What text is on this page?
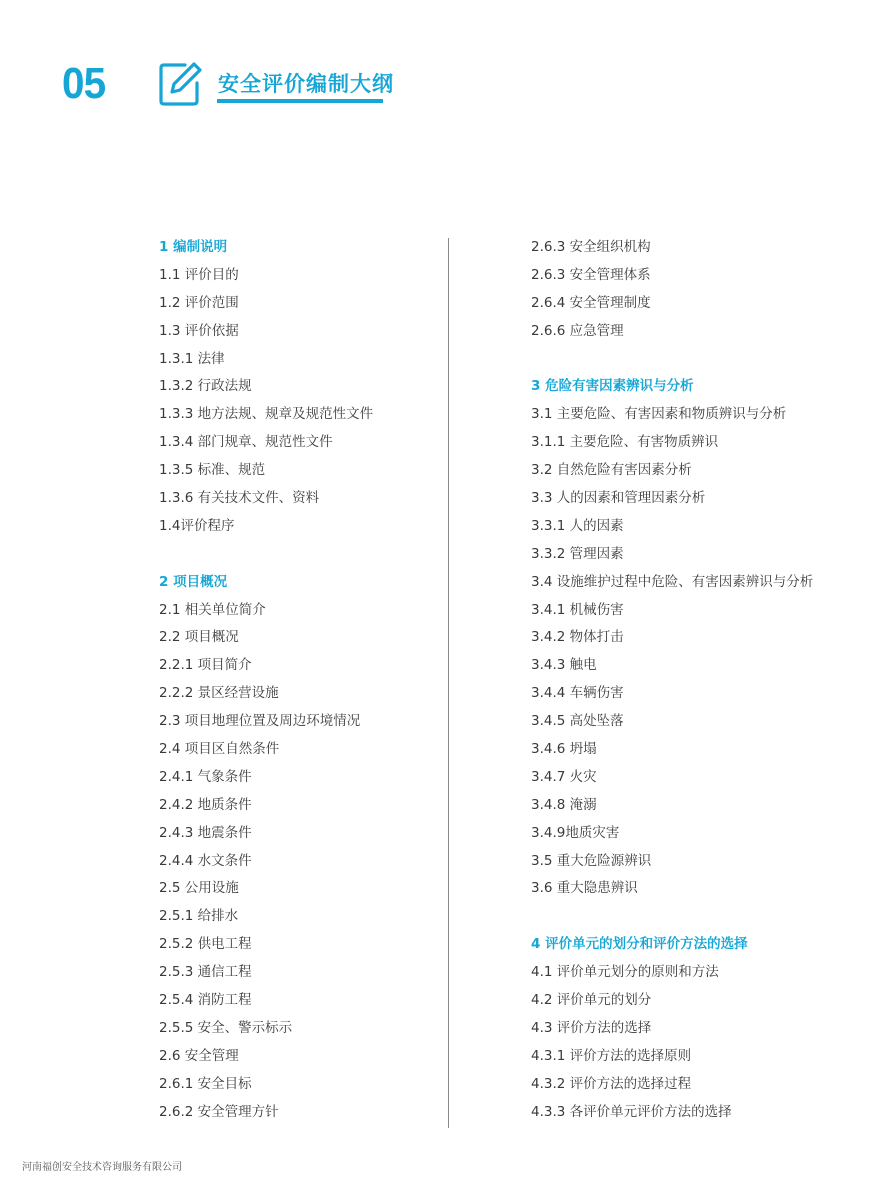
05	安全评价编制大纲
1 编制说明
1.1 评价目的
1.2 评价范围
1.3 评价依据
1.3.1 法律
1.3.2 行政法规
1.3.3 地方法规、规章及规范性文件
1.3.4 部门规章、规范性文件
1.3.5 标准、规范
1.3.6 有关技术文件、资料
1.4评价程序
2 项目概况
2.1 相关单位简介
2.2 项目概况
2.2.1 项目简介
2.2.2 景区经营设施
2.3 项目地理位置及周边环境情况
2.4 项目区自然条件
2.4.1 气象条件
2.4.2 地质条件
2.4.3 地震条件
2.4.4 水文条件
2.5 公用设施
2.5.1 给排水
2.5.2 供电工程
2.5.3 通信工程
2.5.4 消防工程
2.5.5 安全、警示标示
2.6 安全管理
2.6.1 安全目标
2.6.2 安全管理方针
2.6.3 安全组织机构
2.6.3 安全管理体系
2.6.4 安全管理制度
2.6.6 应急管理
3 危险有害因素辨识与分析
3.1 主要危险、有害因素和物质辨识与分析
3.1.1 主要危险、有害物质辨识
3.2 自然危险有害因素分析
3.3 人的因素和管理因素分析
3.3.1 人的因素
3.3.2 管理因素
3.4 设施维护过程中危险、有害因素辨识与分析
3.4.1 机械伤害
3.4.2 物体打击
3.4.3 触电
3.4.4 车辆伤害
3.4.5 高处坠落
3.4.6 坍塌
3.4.7 火灾
3.4.8 淹溺
3.4.9地质灾害
3.5 重大危险源辨识
3.6 重大隐患辨识
4 评价单元的划分和评价方法的选择
4.1 评价单元划分的原则和方法
4.2 评价单元的划分
4.3 评价方法的选择
4.3.1 评价方法的选择原则
4.3.2 评价方法的选择过程
4.3.3 各评价单元评价方法的选择
河南福创安全技术咨询服务有限公司
